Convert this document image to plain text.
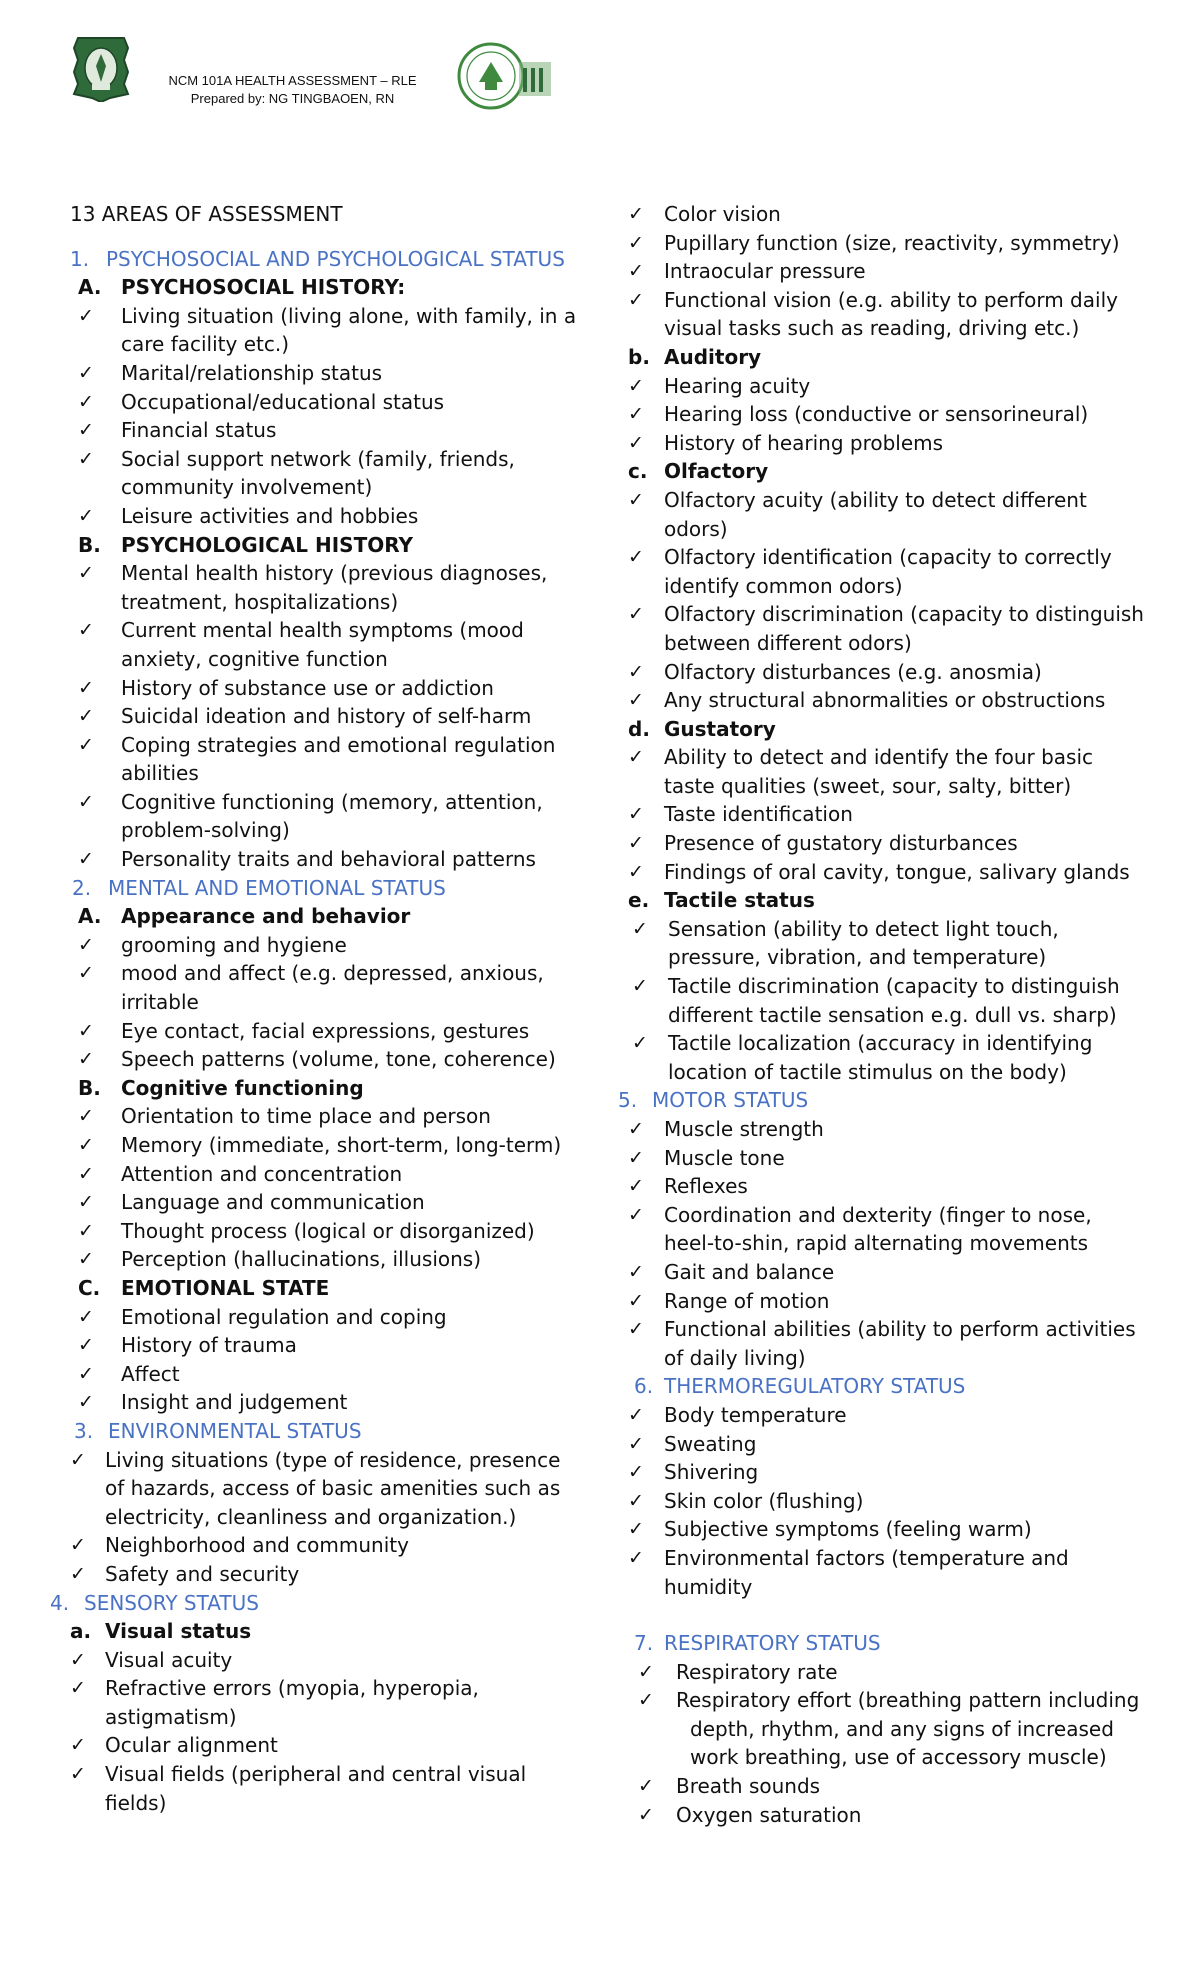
NCM 101A HEALTH ASSESSMENT – RLE
Prepared by: NG TINGBAOEN, RN
13 AREAS OF ASSESSMENT
1. PSYCHOSOCIAL AND PSYCHOLOGICAL STATUS
A. PSYCHOSOCIAL HISTORY:
✓ Living situation (living alone, with family, in a care facility etc.)
✓ Marital/relationship status
✓ Occupational/educational status
✓ Financial status
✓ Social support network (family, friends, community involvement)
✓ Leisure activities and hobbies
B. PSYCHOLOGICAL HISTORY
✓ Mental health history (previous diagnoses, treatment, hospitalizations)
✓ Current mental health symptoms (mood anxiety, cognitive function
✓ History of substance use or addiction
✓ Suicidal ideation and history of self-harm
✓ Coping strategies and emotional regulation abilities
✓ Cognitive functioning (memory, attention, problem-solving)
✓ Personality traits and behavioral patterns
2. MENTAL AND EMOTIONAL STATUS
A. Appearance and behavior
✓ grooming and hygiene
✓ mood and affect (e.g. depressed, anxious, irritable
✓ Eye contact, facial expressions, gestures
✓ Speech patterns (volume, tone, coherence)
B. Cognitive functioning
✓ Orientation to time place and person
✓ Memory (immediate, short-term, long-term)
✓ Attention and concentration
✓ Language and communication
✓ Thought process (logical or disorganized)
✓ Perception (hallucinations, illusions)
C. EMOTIONAL STATE
✓ Emotional regulation and coping
✓ History of trauma
✓ Affect
✓ Insight and judgement
3. ENVIRONMENTAL STATUS
✓ Living situations (type of residence, presence of hazards, access of basic amenities such as electricity, cleanliness and organization.)
✓ Neighborhood and community
✓ Safety and security
4. SENSORY STATUS
a. Visual status
✓ Visual acuity
✓ Refractive errors (myopia, hyperopia, astigmatism)
✓ Ocular alignment
✓ Visual fields (peripheral and central visual fields)
✓ Color vision
✓ Pupillary function (size, reactivity, symmetry)
✓ Intraocular pressure
✓ Functional vision (e.g. ability to perform daily visual tasks such as reading, driving etc.)
b. Auditory
✓ Hearing acuity
✓ Hearing loss (conductive or sensorineural)
✓ History of hearing problems
c. Olfactory
✓ Olfactory acuity (ability to detect different odors)
✓ Olfactory identification (capacity to correctly identify common odors)
✓ Olfactory discrimination (capacity to distinguish between different odors)
✓ Olfactory disturbances (e.g. anosmia)
✓ Any structural abnormalities or obstructions
d. Gustatory
✓ Ability to detect and identify the four basic taste qualities (sweet, sour, salty, bitter)
✓ Taste identification
✓ Presence of gustatory disturbances
✓ Findings of oral cavity, tongue, salivary glands
e. Tactile status
✓ Sensation (ability to detect light touch, pressure, vibration, and temperature)
✓ Tactile discrimination (capacity to distinguish different tactile sensation e.g. dull vs. sharp)
✓ Tactile localization (accuracy in identifying location of tactile stimulus on the body)
5. MOTOR STATUS
✓ Muscle strength
✓ Muscle tone
✓ Reflexes
✓ Coordination and dexterity (finger to nose, heel-to-shin, rapid alternating movements
✓ Gait and balance
✓ Range of motion
✓ Functional abilities (ability to perform activities of daily living)
6. THERMOREGULATORY STATUS
✓ Body temperature
✓ Sweating
✓ Shivering
✓ Skin color (flushing)
✓ Subjective symptoms (feeling warm)
✓ Environmental factors (temperature and humidity
7. RESPIRATORY STATUS
✓ Respiratory rate
✓ Respiratory effort (breathing pattern including depth, rhythm, and any signs of increased work breathing, use of accessory muscle)
✓ Breath sounds
✓ Oxygen saturation
